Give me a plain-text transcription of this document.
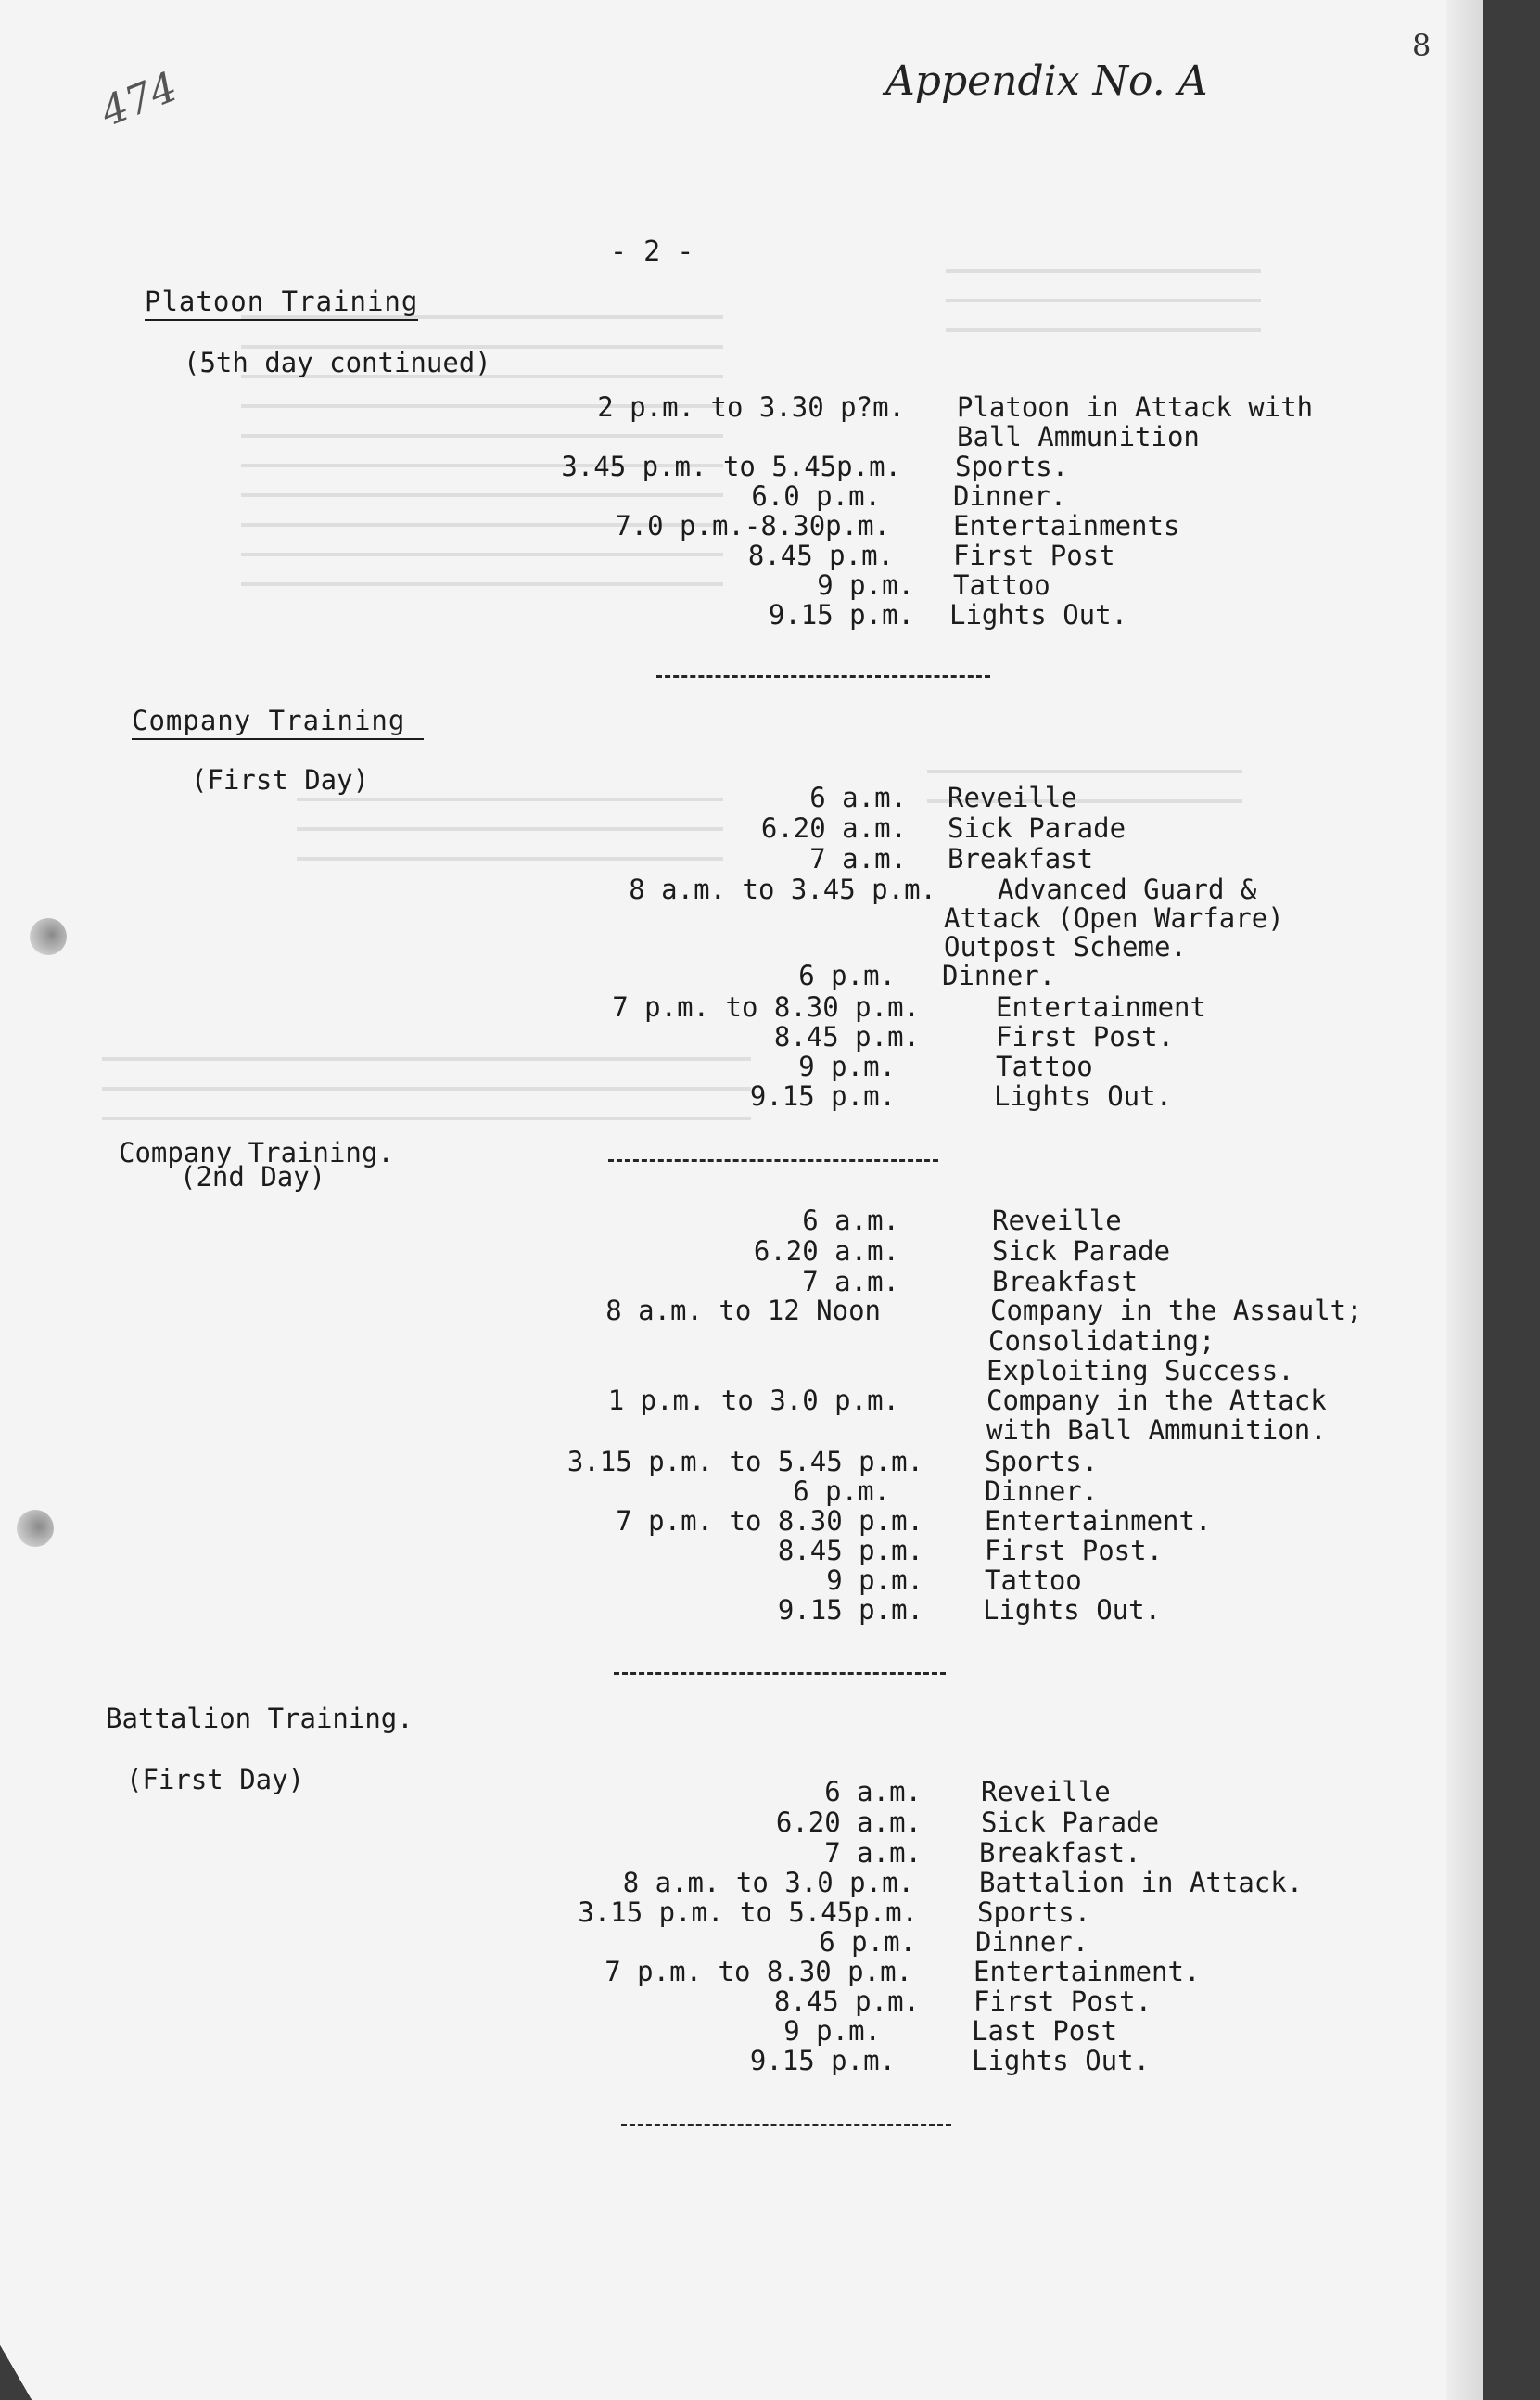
474	Appendix No. A
8
- 2 -
Platoon Training
(5th day continued)
2 p.m. to 3.30 p?m. Platoon in Attack with
Ball Ammunition
3.45 p.m. to 5.45p.m. Sports.
6.0 p.m.	Dinner.
7.0 p.m.-8.30p.m. Entertainments
8.45 p.m. First Post
9 p.m. Tattoo
9.15 p.m. Lights Out.
Company Training
(First Day)
6 a.m. Reveille
6.20 a.m. Sick Parade
7 a.m. Breakfast
8 a.m. to 3.45 p.m. Advanced Guard &
Attack (Open Warfare)
Outpost Scheme.
6 p.m. Dinner.
7 p.m. to 8.30 p.m.	Entertainment
8.45 p.m.	First Post.
9 p.m.	Tattoo
9.15 p.m.	Lights Out.
Company Training.
(2nd Day)
6 a.m.	Reveille
6.20 a.m.	Sick Parade
7 a.m.	Breakfast
8 a.m. to 12 Noon	Company in the Assault;
Consolidating;
Exploiting Success.
1 p.m. to 3.0 p.m.	Company in the Attack
with Ball Ammunition.
3.15 p.m. to 5.45 p.m. Sports.
6 p.m.	Dinner.
7 p.m. to 8.30 p.m. Entertainment.
8.45 p.m. First Post.
9 p.m. Tattoo
9.15 p.m. Lights Out.
Battalion Training.
(First Day)	6 a.m. Reveille
6.20 a.m. Sick Parade
7 a.m. Breakfast.
8 a.m. to 3.0 p.m. Battalion in Attack.
3.15 p.m. to 5.45p.m. Sports.
6 p.m. Dinner.
7 p.m. to 8.30 p.m. Entertainment.
8.45 p.m. First Post.
9 p.m.	Last Post
9.15 p.m.	Lights Out.
